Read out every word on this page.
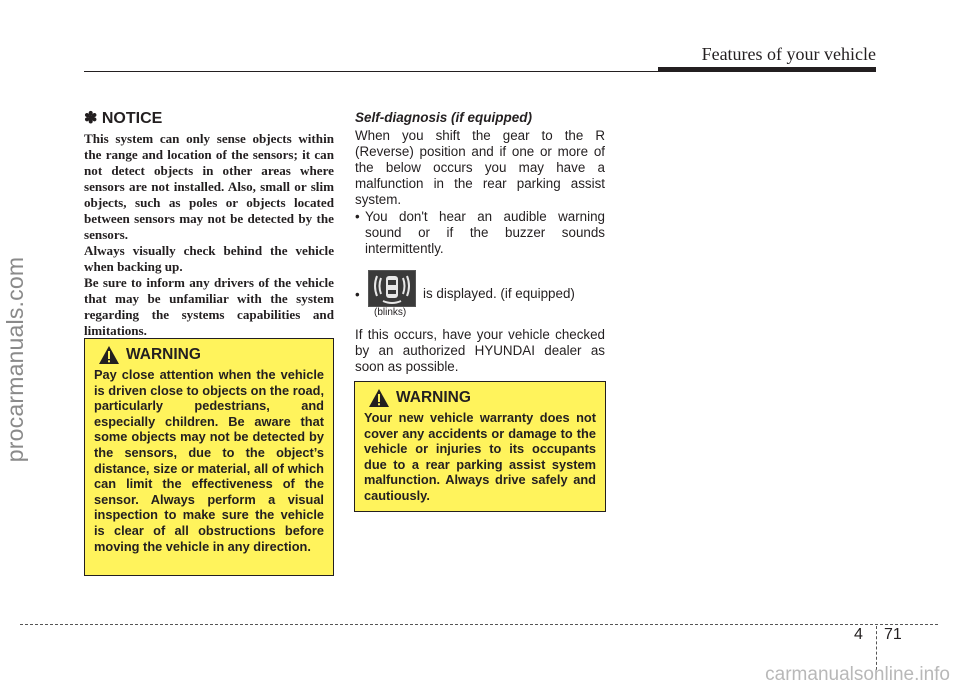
Features of your vehicle
procarmanuals.com
✽ NOTICE

This system can only sense objects within the range and location of the sensors; it can not detect objects in other areas where sensors are not installed. Also, small or slim objects, such as poles or objects located between sensors may not be detected by the sensors.

Always visually check behind the vehicle when backing up.

Be sure to inform any drivers of the vehicle that may be unfamiliar with the system regarding the systems capabilities and limitations.

WARNING

Pay close attention when the vehicle is driven close to objects on the road, particularly pedestrians, and especially children. Be aware that some objects may not be detected by the sensors, due to the object’s distance, size or material, all of which can limit the effectiveness of the sensor. Always perform a visual inspection to make sure the vehicle is clear of all obstructions before moving the vehicle in any direction.

Self-diagnosis (if equipped)

When you shift the gear to the R (Reverse) position and if one or more of the below occurs you may have a malfunction in the rear parking assist system.

• You don't hear an audible warning sound or if the buzzer sounds intermittently.
•
(blinks)
is displayed. (if equipped)

If this occurs, have your vehicle checked by an authorized HYUNDAI dealer as soon as possible.

WARNING

Your new vehicle warranty does not cover any accidents or damage to the vehicle or injuries to its occupants due to a rear parking assist system malfunction. Always drive safely and cautiously.

4 71
carmanualsonline.info
